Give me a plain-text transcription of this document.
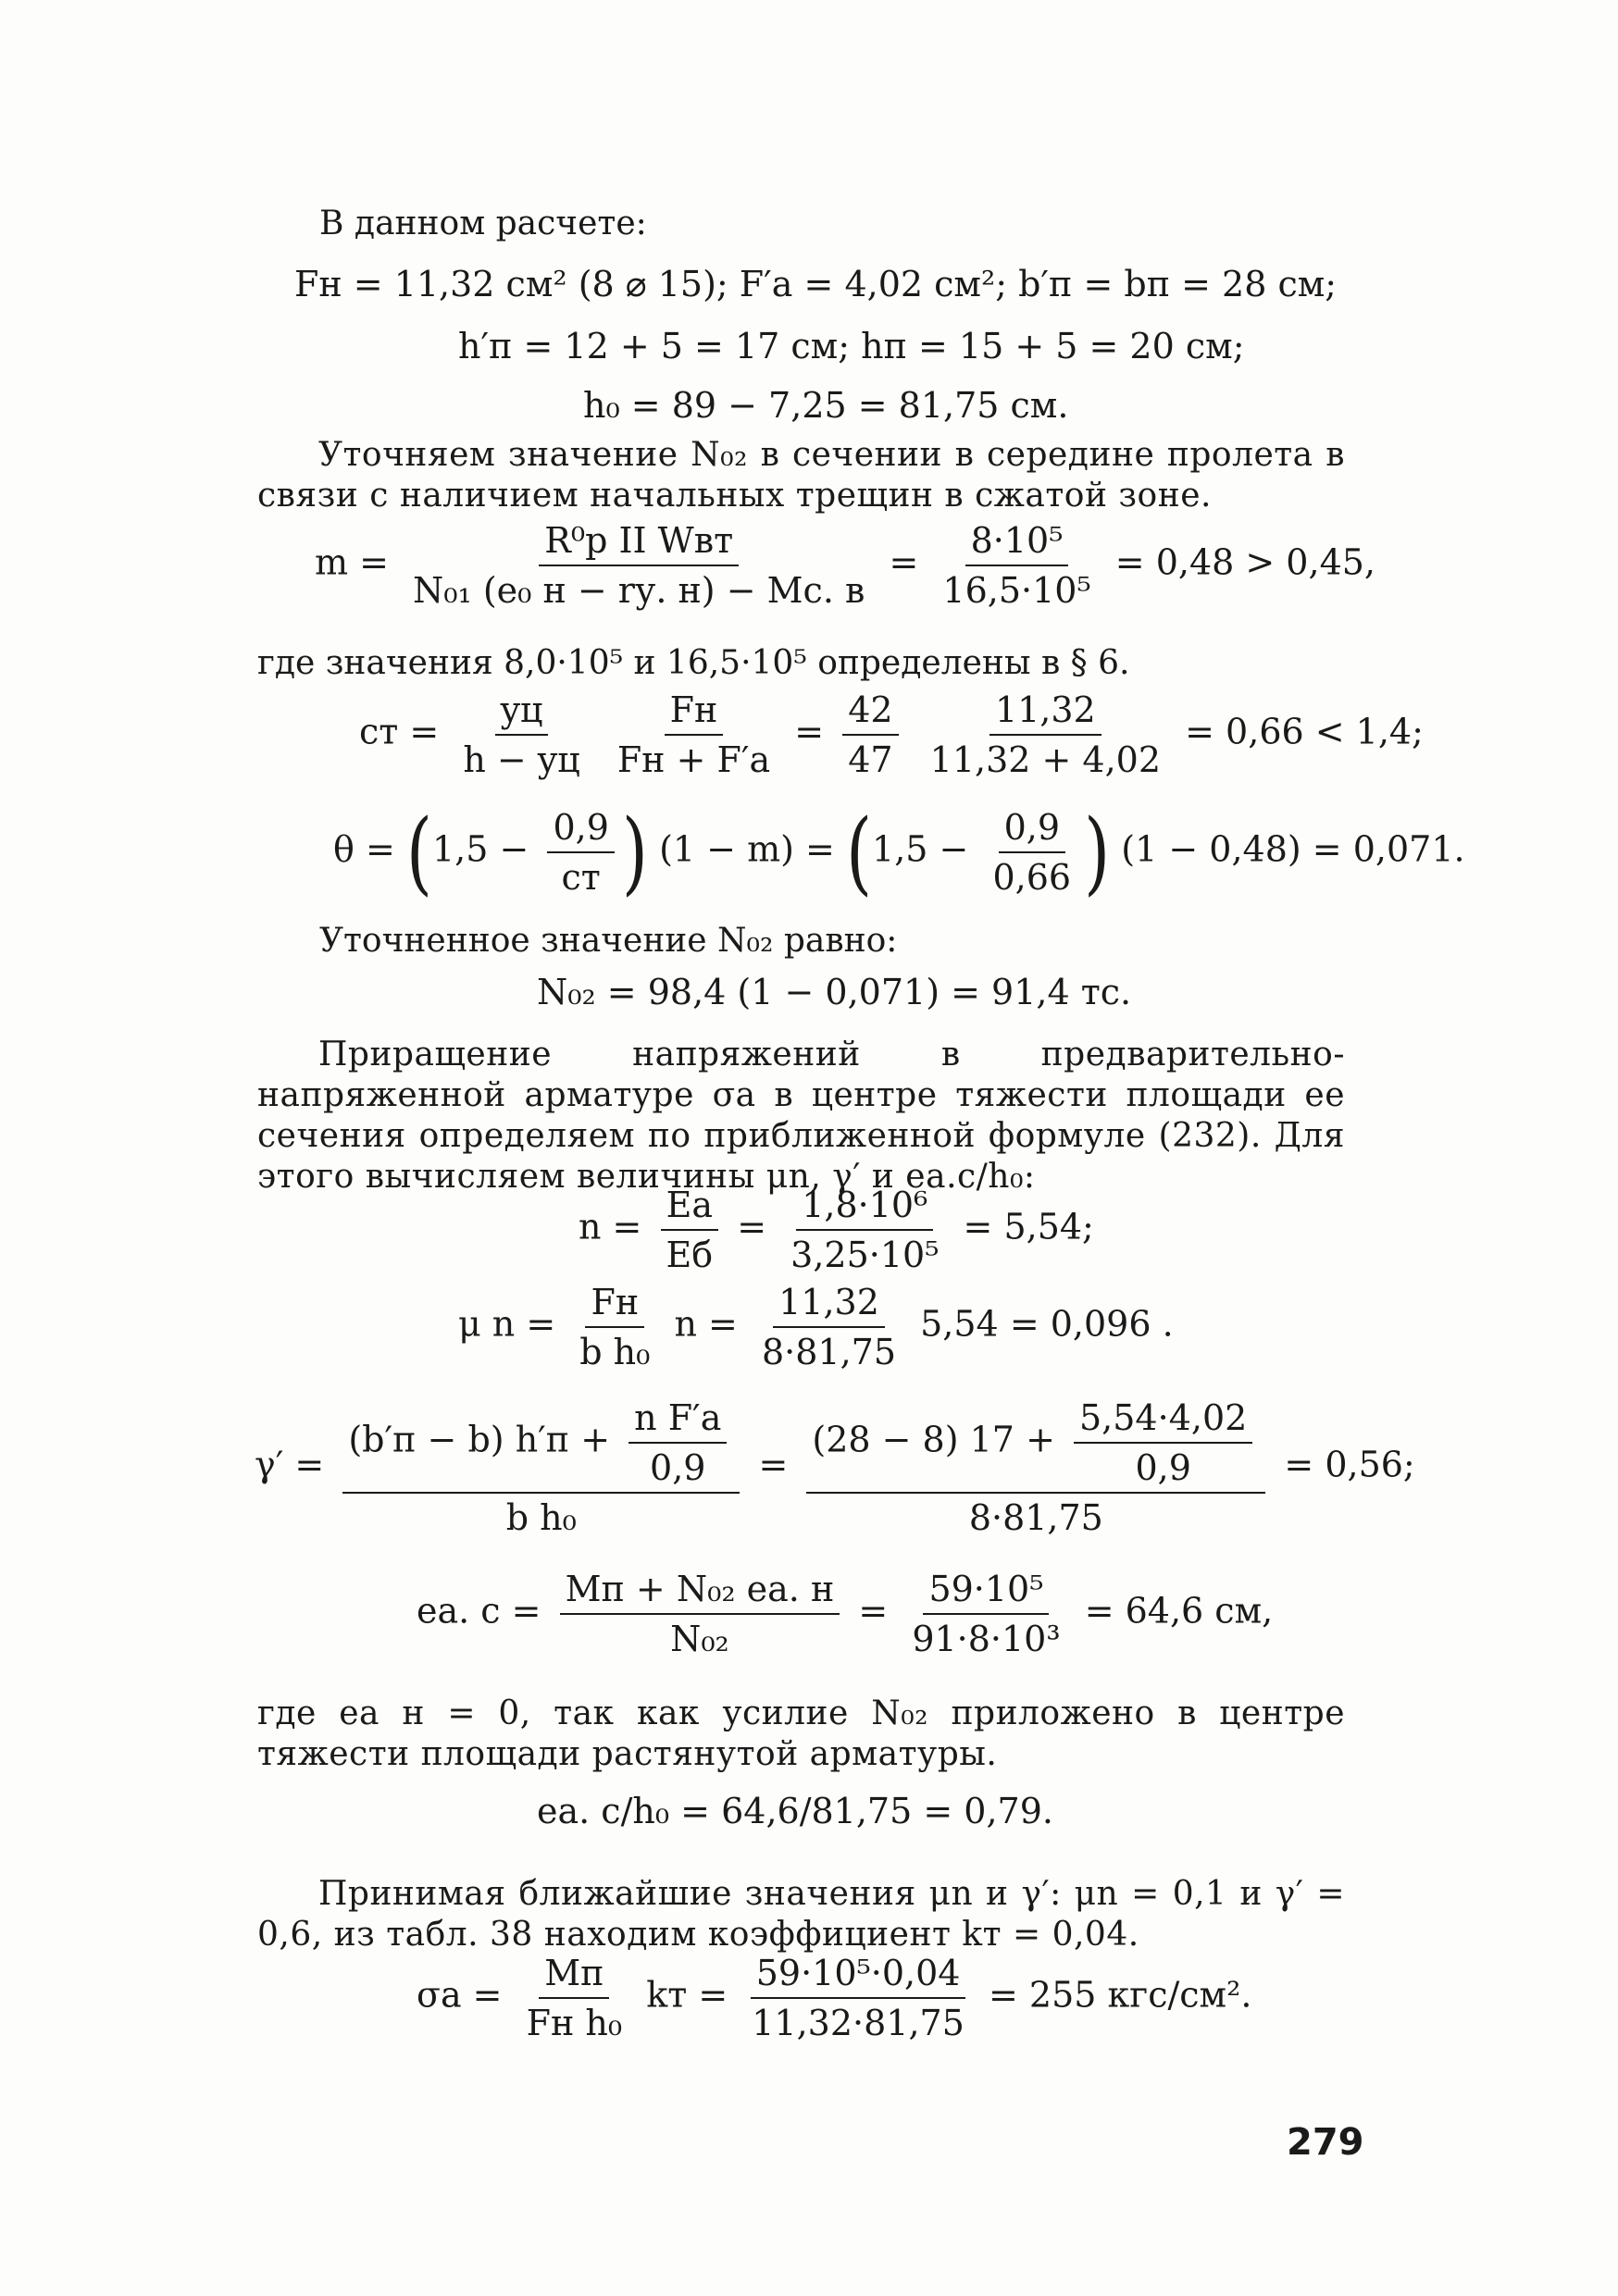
В данном расчете:
Fн = 11,32 см² (8 ⌀ 15); F′а = 4,02 см²; b′п = bп = 28 см;
h′п = 12 + 5 = 17 см; hп = 15 + 5 = 20 см;
h₀ = 89 − 7,25 = 81,75 см.
Уточняем значение N₀₂ в сечении в середине пролета в связи с наличием начальных трещин в сжатой зоне.
$m = \frac{\text{R⁰р II Wвт}}{\text{N₀₁ (e₀ н − rу. н) − Mс. в}} = \frac{\text{8·10⁵}}{\text{16,5·10⁵}} = 0,48 > 0,45$,
где значения 8,0·10⁵ и 16,5·10⁵ определены в § 6.
cт = $\frac{yц}{h - yц}$
$\frac{Fн}{Fн + F'а} = \frac{42}{47}$
$\frac{11,32}{11,32 + 4,02} = 0,66 < 1,4$;
$\theta = (1,5 - \frac{0,9}{cт}$ ) $(1 - m) = (1,5 - \frac{0,9}{0,66}$ ) (1 − 0,48) = 0,071.
Уточненное значение N₀₂ равно:
N₀₂ = 98,4 (1 − 0,071) = 91,4 тс.
Приращение напряжений в предварительно-напряженной арматуре σа в центре тяжести площади ее сечения определяем по приближенной формуле (232). Для этого вычисляем величины μn, γ′ и eа.с/h₀:
$n = \frac{Eа}{Eб} = \frac{\text{1,8·10⁶}}{\text{3,25·10⁵}} = 5,54$;
μ $n = \frac{Fн}{\text{b h₀}}$ $n = \frac{11,32}{8\cdot 81,75} 5,54 = 0,096$ .
$\gamma' = \frac{(b'п - b) h'п + \frac{\text{n F′а}}{0,9}}{\text{b h₀}} = \frac{(28 - 8) 17 + \frac{5,54\cdot 4,02}{0,9}}{8\cdot 81,75} = 0,56$;
eа. $с = \frac{\text{Mп + N₀₂ eа. н}}{\text{N₀₂}} = \frac{\text{59·10⁵}}{\text{91·8·10³}} = 64,6$ см,
где eа н = 0, так как усилие N₀₂ приложено в центре тяжести площади растянутой арматуры.
eа. с/h₀ = 64,6/81,75 = 0,79.
Принимая ближайшие значения μn и γ′: μn = 0,1 и γ′ = 0,6, из табл. 38 находим коэффициент kт = 0,04.
$\sigma а = \frac{Mп}{\text{Fн h₀}}$ kт = $\frac{\text{59·10⁵·0,04}}{11,32\cdot 81,75} = 255$ кгс/см².
279
